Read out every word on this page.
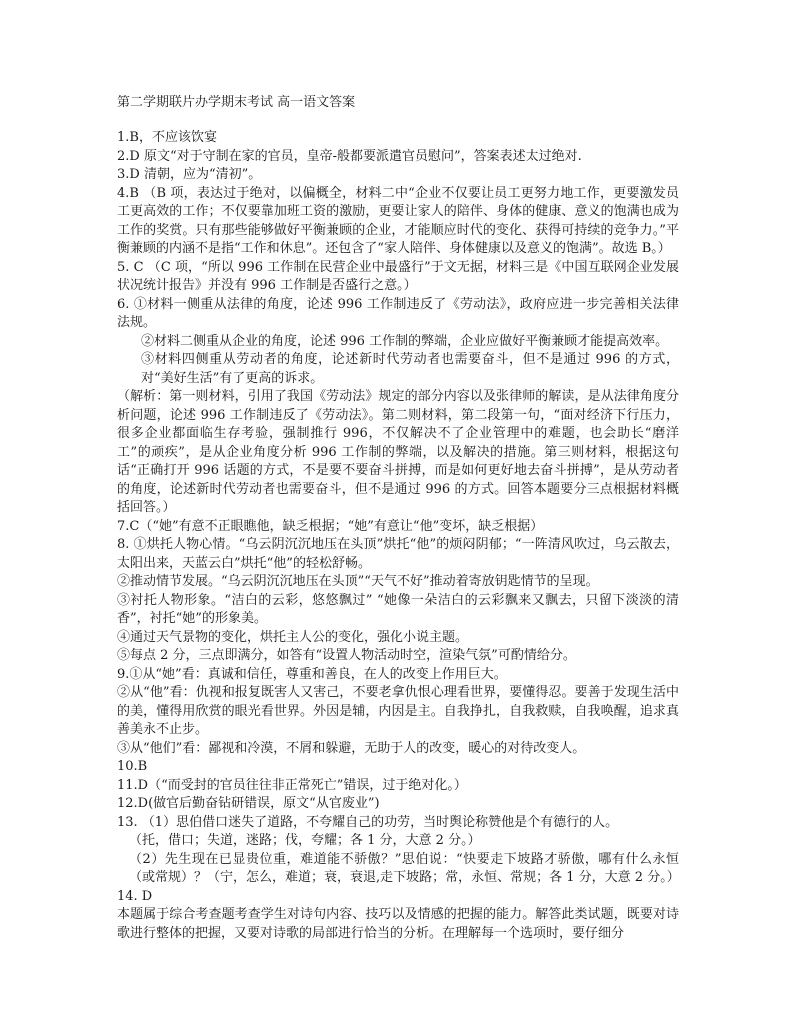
第二学期联片办学期末考试 高一语文答案

1.B，不应该饮宴

2.D 原文“对于守制在家的官员，皇帝-般都要派遣官员慰问”，答案表述太过绝对.

3.D 清朝，应为“清初”。

4.B （B 项，表达过于绝对，以偏概全，材料二中“企业不仅要让员工更努力地工作，更要激发员工更高效的工作；不仅要靠加班工资的激励，更要让家人的陪伴、身体的健康、意义的饱满也成为工作的奖赏。只有那些能够做好平衡兼顾的企业，才能顺应时代的变化、获得可持续的竞争力。”平衡兼顾的内涵不是指“工作和休息”。还包含了“家人陪伴、身体健康以及意义的饱满”。故选 B。）

5. C （C 项，“所以 996 工作制在民营企业中最盛行”于文无据，材料三是《中国互联网企业发展状况统计报告》并没有 996 工作制是否盛行之意。）

6. ①材料一侧重从法律的角度，论述 996 工作制违反了《劳动法》，政府应进一步完善相关法律法规。

②材料二侧重从企业的角度，论述 996 工作制的弊端，企业应做好平衡兼顾才能提高效率。

③材料四侧重从劳动者的角度，论述新时代劳动者也需要奋斗，但不是通过 996 的方式，对“美好生活”有了更高的诉求。

（解析：第一则材料，引用了我国《劳动法》规定的部分内容以及张律师的解读，是从法律角度分析问题，论述 996 工作制违反了《劳动法》。第二则材料，第二段第一句，“面对经济下行压力，很多企业都面临生存考验，强制推行 996，不仅解决不了企业管理中的难题，也会助长“磨洋工”的顽疾”，是从企业角度分析 996 工作制的弊端，以及解决的措施。第三则材料，根据这句话“正确打开 996 话题的方式，不是要不要奋斗拼搏，而是如何更好地去奋斗拼搏”，是从劳动者的角度，论述新时代劳动者也需要奋斗，但不是通过 996 的方式。回答本题要分三点根据材料概括回答。）

7.C（“她”有意不正眼瞧他，缺乏根据；“她”有意让“他”变坏，缺乏根据）

8. ①烘托人物心情。“乌云阴沉沉地压在头顶”烘托“他”的烦闷阴郁；“一阵清风吹过，乌云散去，太阳出来，天蓝云白”烘托“他”的轻松舒畅。

②推动情节发展。“乌云阴沉沉地压在头顶”“天气不好”推动着寄放钥匙情节的呈现。

③衬托人物形象。“洁白的云彩，悠悠飘过” “她像一朵洁白的云彩飘来又飘去，只留下淡淡的清香”，衬托“她”的形象美。

④通过天气景物的变化，烘托主人公的变化，强化小说主题。

⑤每点 2 分，三点即满分，如答有“设置人物活动时空，渲染气氛”可酌情给分。

9.①从“她”看：真诚和信任，尊重和善良，在人的改变上作用巨大。

②从“他”看：仇视和报复既害人又害己，不要老拿仇恨心理看世界，要懂得忍。要善于发现生活中的美，懂得用欣赏的眼光看世界。外因是辅，内因是主。自我挣扎，自我救赎，自我唤醒，追求真善美永不止步。

③从“他们”看：鄙视和冷漠，不屑和躲避，无助于人的改变，暖心的对待改变人。

10.B

11.D（“而受封的官员往往非正常死亡”错误，过于绝对化。）

12.D(做官后勤奋钻研错误，原文“从官废业”)

13. （1）思伯借口迷失了道路，不夸耀自己的功劳，当时舆论称赞他是个有德行的人。

（托，借口；失道，迷路；伐，夸耀；各 1 分，大意 2 分。）

（2）先生现在已显贵位重，难道能不骄傲？”思伯说：“快要走下坡路才骄傲，哪有什么永恒（或常规）？（宁，怎么，难道；衰，衰退,走下坡路；常，永恒、常规；各 1 分，大意 2 分。）

14. D

本题属于综合考查题考查学生对诗句内容、技巧以及情感的把握的能力。解答此类试题，既要对诗歌进行整体的把握，又要对诗歌的局部进行恰当的分析。在理解每一个选项时，要仔细分
